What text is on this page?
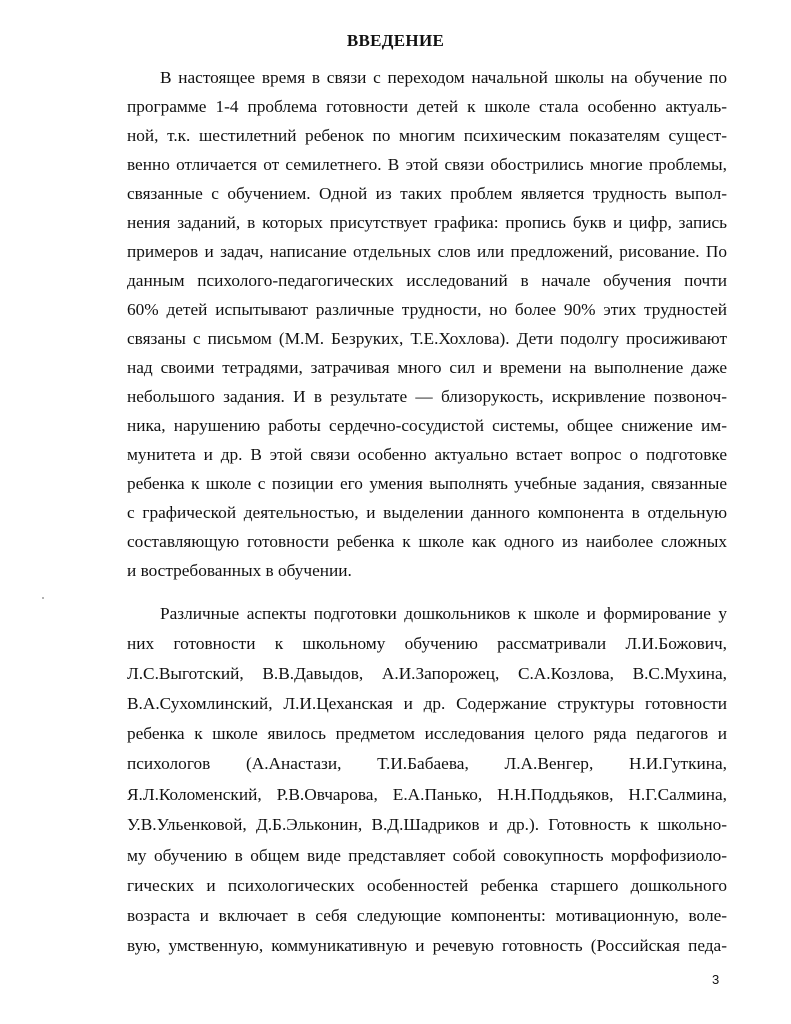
ВВЕДЕНИЕ
В настоящее время в связи с переходом начальной школы на обучение по
программе 1-4 проблема готовности детей к школе стала особенно актуаль-
ной, т.к. шестилетний ребенок по многим психическим показателям сущест-
венно отличается от семилетнего. В этой связи обострились многие проблемы,
связанные с обучением. Одной из таких проблем является трудность выпол-
нения заданий, в которых присутствует графика: пропись букв и цифр, запись
примеров и задач, написание отдельных слов или предложений, рисование. По
данным психолого-педагогических исследований в начале обучения почти
60% детей испытывают различные трудности, но более 90% этих трудностей
связаны с письмом (М.М. Безруких, Т.Е.Хохлова). Дети подолгу просиживают
над своими тетрадями, затрачивая много сил и времени на выполнение даже
небольшого задания. И в результате — близорукость, искривление позвоноч-
ника, нарушению работы сердечно-сосудистой системы, общее снижение им-
мунитета и др. В этой связи особенно актуально встает вопрос о подготовке
ребенка к школе с позиции его умения выполнять учебные задания, связанные
с графической деятельностью, и выделении данного компонента в отдельную
составляющую готовности ребенка к школе как одного из наиболее сложных
и востребованных в обучении.
Различные аспекты подготовки дошкольников к школе и формирование у
них готовности к школьному обучению рассматривали Л.И.Божович,
Л.С.Выготский, В.В.Давыдов, А.И.Запорожец, С.А.Козлова, В.С.Мухина,
В.А.Сухомлинский, Л.И.Цеханская и др. Содержание структуры готовности
ребенка к школе явилось предметом исследования целого ряда педагогов и
психологов (А.Анастази, Т.И.Бабаева, Л.А.Венгер, Н.И.Гуткина,
Я.Л.Коломенский, Р.В.Овчарова, Е.А.Панько, Н.Н.Поддьяков, Н.Г.Салмина,
У.В.Ульенковой, Д.Б.Эльконин, В.Д.Шадриков и др.). Готовность к школьно-
му обучению в общем виде представляет собой совокупность морфофизиоло-
гических и психологических особенностей ребенка старшего дошкольного
возраста и включает в себя следующие компоненты: мотивационную, воле-
вую, умственную, коммуникативную и речевую готовность (Российская педа-
3
